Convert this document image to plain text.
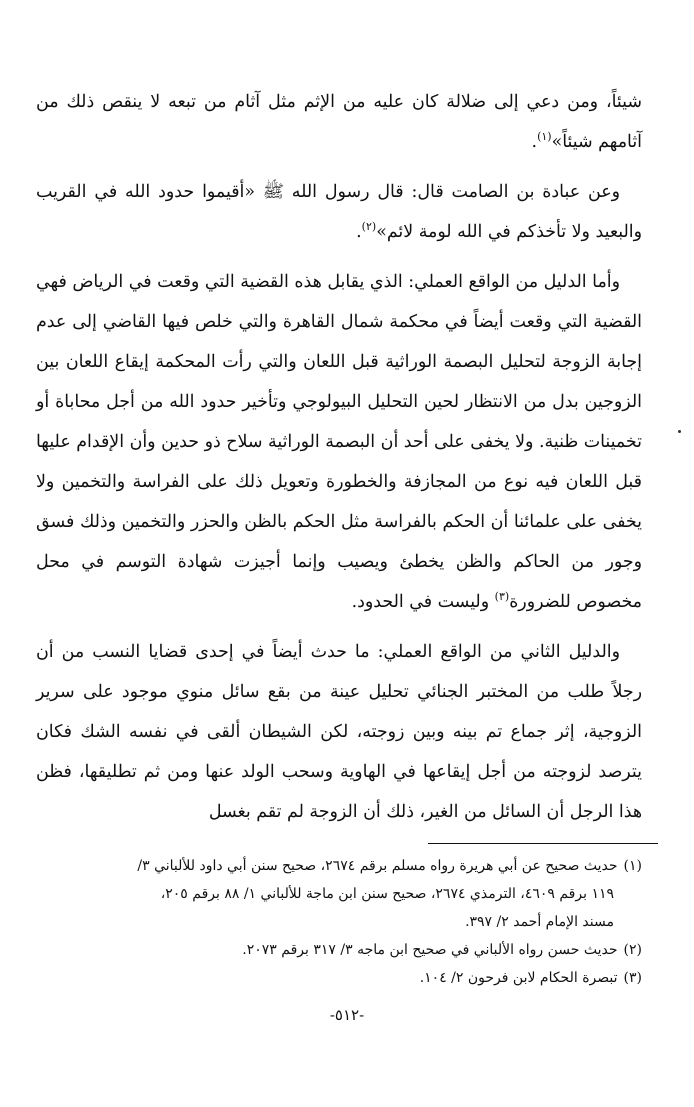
شيئاً، ومن دعي إلى ضلالة كان عليه من الإثم مثل آثام من تبعه لا ينقص ذلك من آثامهم شيئاً»$^{(١)}$.

وعن عبادة بن الصامت قال: قال رسول الله ﷺ «أقيموا حدود الله في القريب والبعيد ولا تأخذكم في الله لومة لائم»$^{(٢)}$.

وأما الدليل من الواقع العملي: الذي يقابل هذه القضية التي وقعت في الرياض فهي القضية التي وقعت أيضاً في محكمة شمال القاهرة والتي خلص فيها القاضي إلى عدم إجابة الزوجة لتحليل البصمة الوراثية قبل اللعان والتي رأت المحكمة إيقاع اللعان بين الزوجين بدل من الانتظار لحين التحليل البيولوجي وتأخير حدود الله من أجل محاباة أو تخمينات ظنية. ولا يخفى على أحد أن البصمة الوراثية سلاح ذو حدين وأن الإقدام عليها قبل اللعان فيه نوع من المجازفة والخطورة وتعويل ذلك على الفراسة والتخمين ولا يخفى على علمائنا أن الحكم بالفراسة مثل الحكم بالظن والحزر والتخمين وذلك فسق وجور من الحاكم والظن يخطئ ويصيب وإنما أجيزت شهادة التوسم في محل مخصوص للضرورة$^{(٣)}$ وليست في الحدود.

والدليل الثاني من الواقع العملي: ما حدث أيضاً في إحدى قضايا النسب من أن رجلاً طلب من المختبر الجنائي تحليل عينة من بقع سائل منوي موجود على سرير الزوجية، إثر جماع تم بينه وبين زوجته، لكن الشيطان ألقى في نفسه الشك فكان يترصد لزوجته من أجل إيقاعها في الهاوية وسحب الولد عنها ومن ثم تطليقها، فظن هذا الرجل أن السائل من الغير، ذلك أن الزوجة لم تقم بغسل

(١)حديث صحيح عن أبي هريرة رواه مسلم برقم ٢٦٧٤، صحيح سنن أبي داود للألباني ٣/
١١٩ برقم ٤٦٠٩، الترمذي ٢٦٧٤، صحيح سنن ابن ماجة للألباني ١/ ٨٨ برقم ٢٠٥،
مسند الإمام أحمد ٢/ ٣٩٧.

(٢)حديث حسن رواه الألباني في صحيح ابن ماجه ٣/ ٣١٧ برقم ٢٠٧٣.

(٣)تبصرة الحكام لابن فرحون ٢/ ١٠٤.

-٥١٢-
